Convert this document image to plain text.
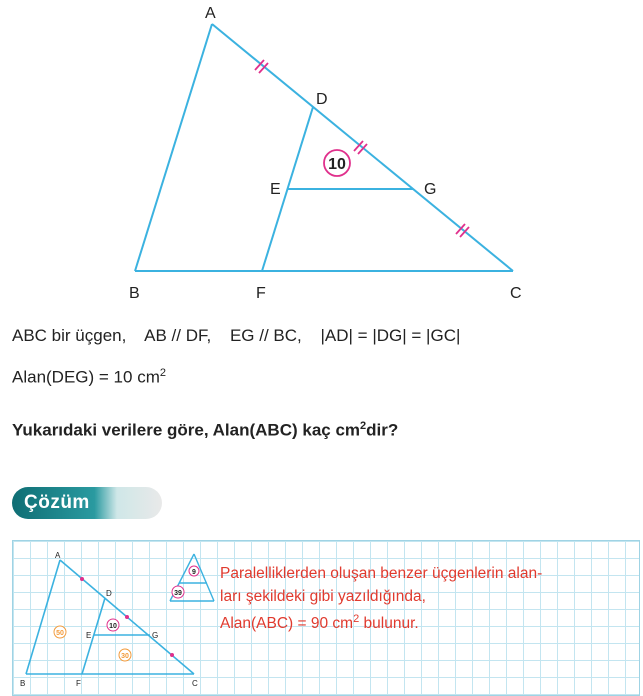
10
A
B	C
D
E
F
G
ABC bir üçgen, AB // DF, EG // BC, |AD| = |DG| = |GC|
Alan(DEG) = 10 $cm^2$
Yukarıdaki verilere göre, Alan(ABC) kaç $cm^2dir$?
Çözüm
A
B	C
D
E
F
G
10
50
30
9
39
Paralelliklerden oluşan benzer üçgenlerin alan-
ları şekildeki gibi yazıldığında,
Alan(ABC) = 90 $cm^2$ bulunur.
